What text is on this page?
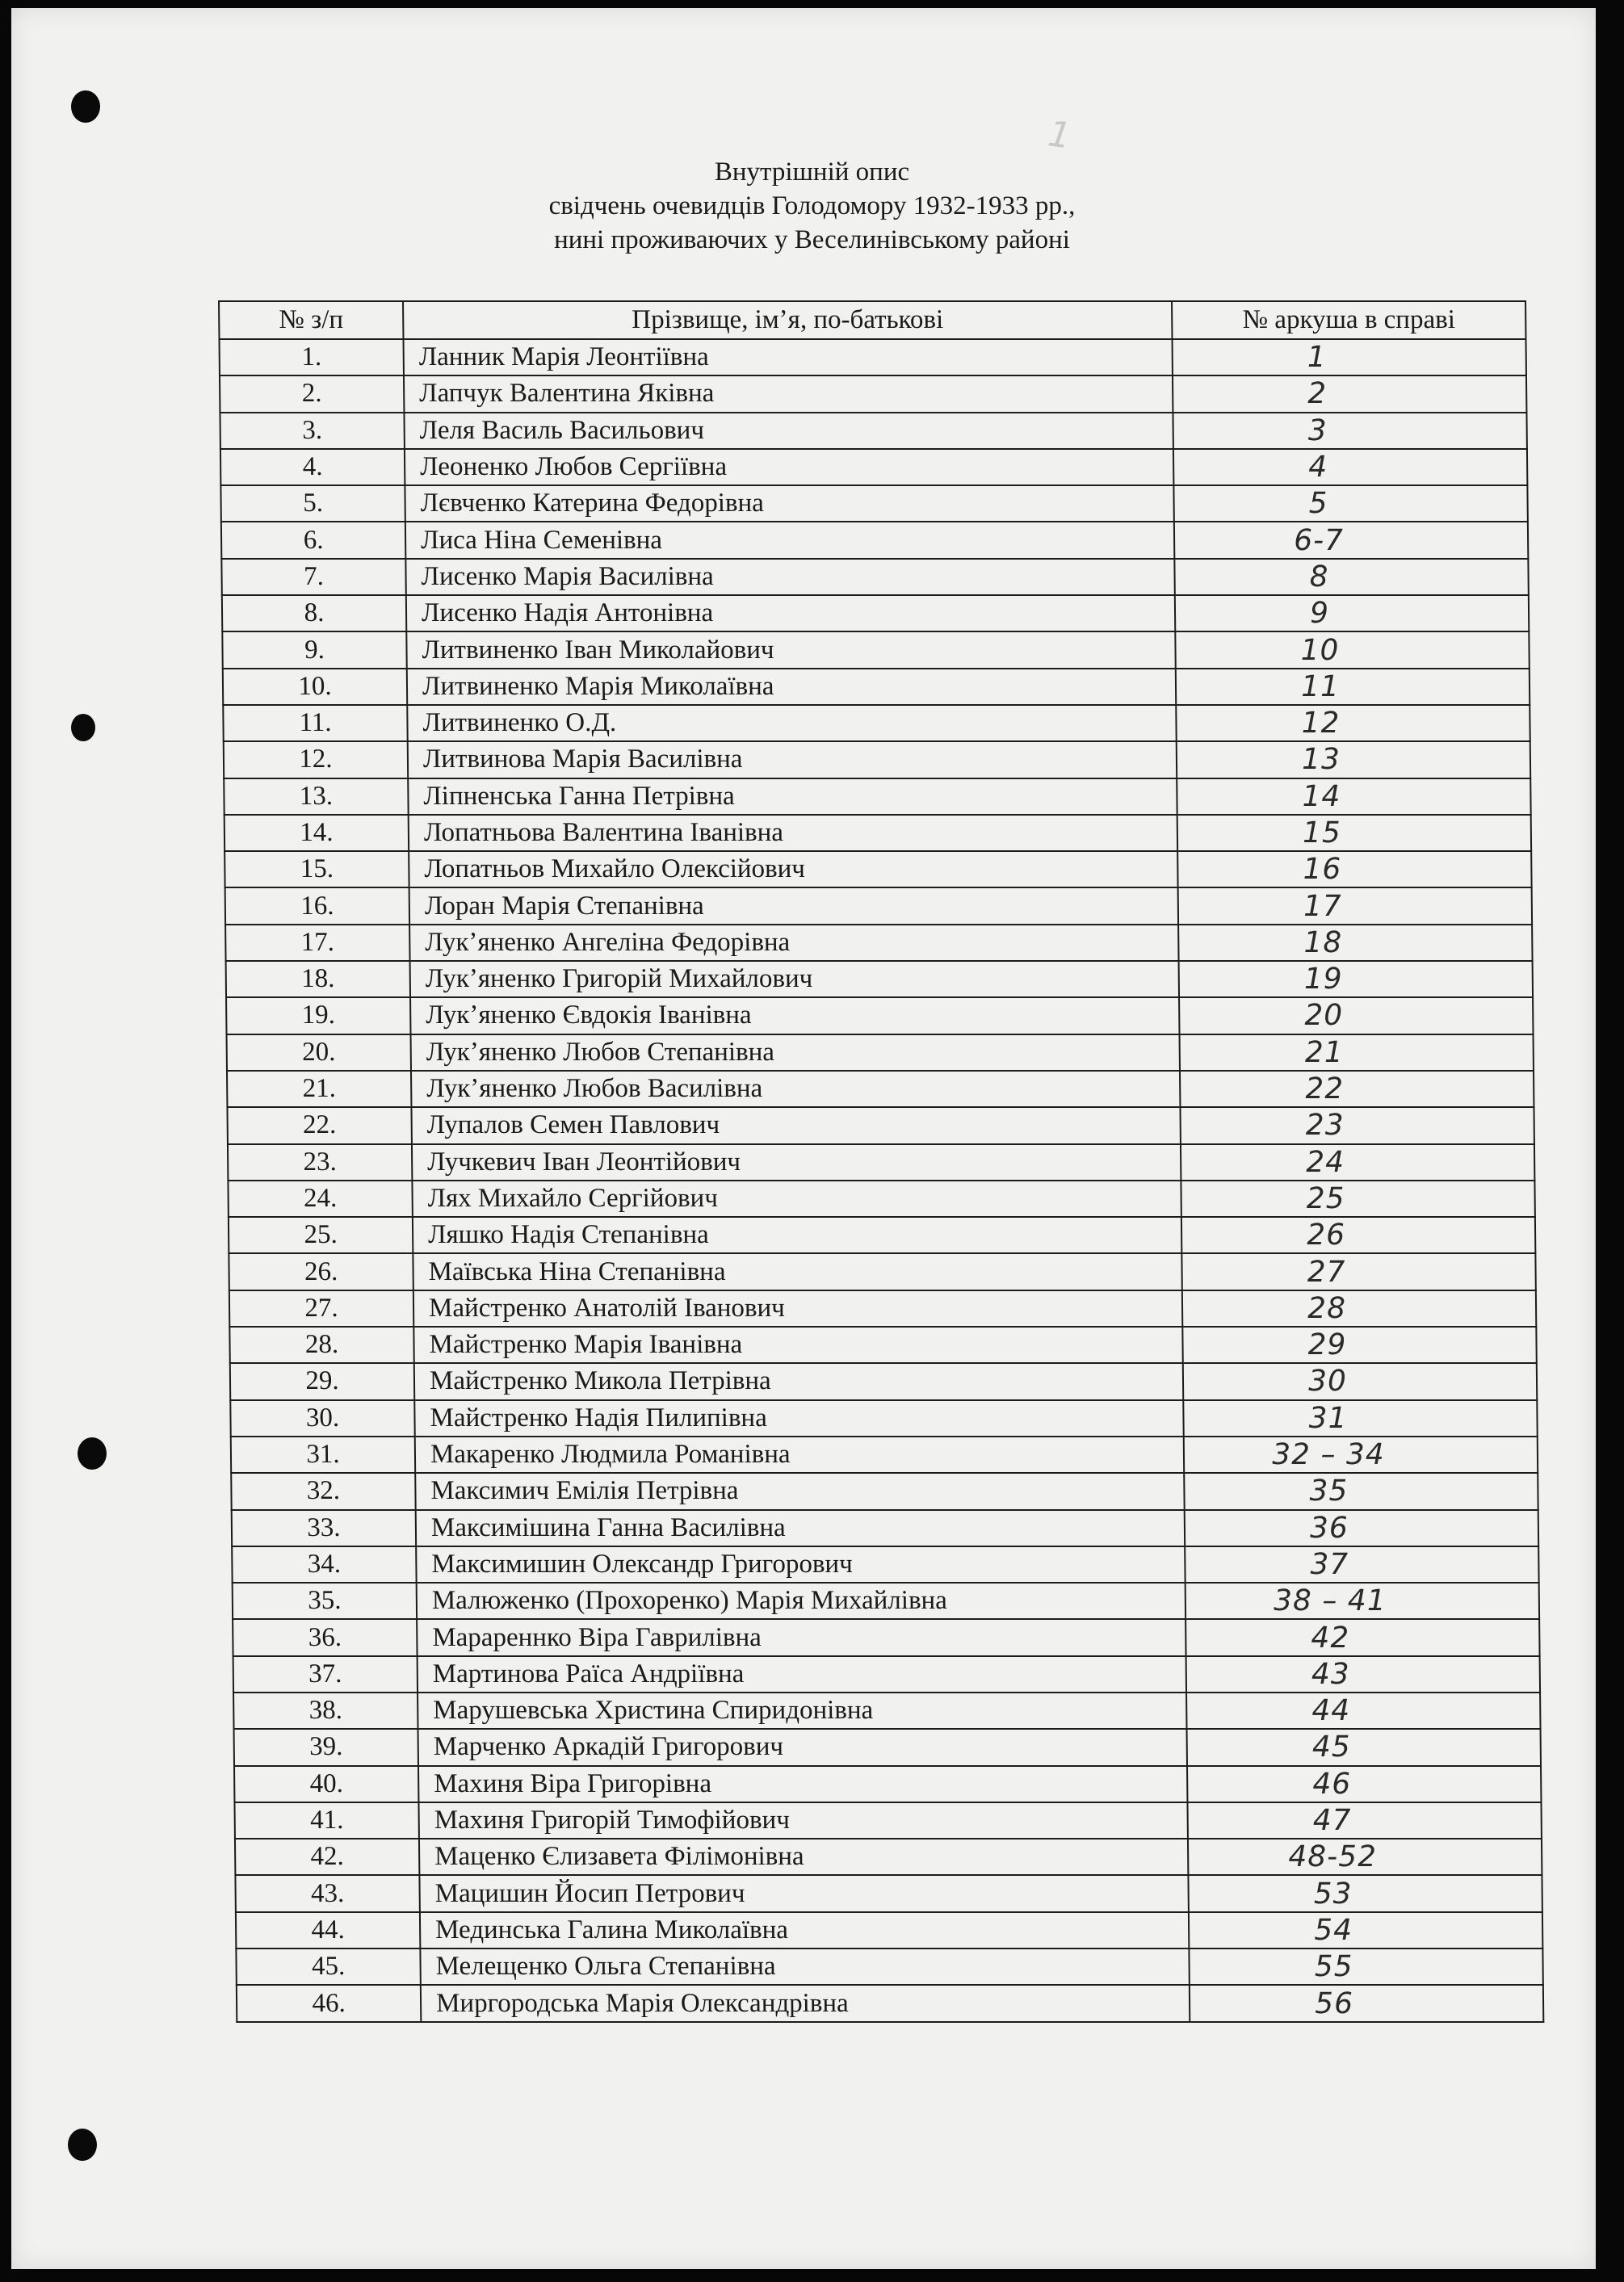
1
Внутрішній опис
свідчень очевидців Голодомору 1932-1933 рр.,
нині проживаючих у Веселинівському районі
№ з/п	Прізвище, ім’я, по-батькові	№ аркуша в справі
1.	Ланник Марія Леонтіївна	1
2.	Лапчук Валентина Яківна	2
3.	Леля Василь Васильович	3
4.	Леоненко Любов Сергіївна	4
5.	Лєвченко Катерина Федорівна	5
6.	Лиса Ніна Семенівна	6-7
7.	Лисенко Марія Василівна	8
8.	Лисенко Надія Антонівна	9
9.	Литвиненко Іван Миколайович	10
10.	Литвиненко Марія Миколаївна	11
11.	Литвиненко О.Д.	12
12.	Литвинова Марія Василівна	13
13.	Ліпненська Ганна Петрівна	14
14.	Лопатньова Валентина Іванівна	15
15.	Лопатньов Михайло Олексійович	16
16.	Лоран Марія Степанівна	17
17.	Лук’яненко Ангеліна Федорівна	18
18.	Лук’яненко Григорій Михайлович	19
19.	Лук’яненко Євдокія Іванівна	20
20.	Лук’яненко Любов Степанівна	21
21.	Лук’яненко Любов Василівна	22
22.	Лупалов Семен Павлович	23
23.	Лучкевич Іван Леонтійович	24
24.	Лях Михайло Сергійович	25
25.	Ляшко Надія Степанівна	26
26.	Маївська Ніна Степанівна	27
27.	Майстренко Анатолій Іванович	28
28.	Майстренко Марія Іванівна	29
29.	Майстренко Микола Петрівна	30
30.	Майстренко Надія Пилипівна	31
31.	Макаренко Людмила Романівна	32 – 34
32.	Максимич Емілія Петрівна	35
33.	Максимішина Ганна Василівна	36
34.	Максимишин Олександр Григорович	37
35.	Малюженко (Прохоренко) Марія Михайлівна	38 – 41
36.	Марареннко Віра Гаврилівна	42
37.	Мартинова Раїса Андріївна	43
38.	Марушевська Христина Спиридонівна	44
39.	Марченко Аркадій Григорович	45
40.	Махиня Віра Григорівна	46
41.	Махиня Григорій Тимофійович	47
42.	Маценко Єлизавета Філімонівна	48-52
43.	Мацишин Йосип Петрович	53
44.	Мединська Галина Миколаївна	54
45.	Мелещенко Ольга Степанівна	55
46.	Миргородська Марія Олександрівна	56
